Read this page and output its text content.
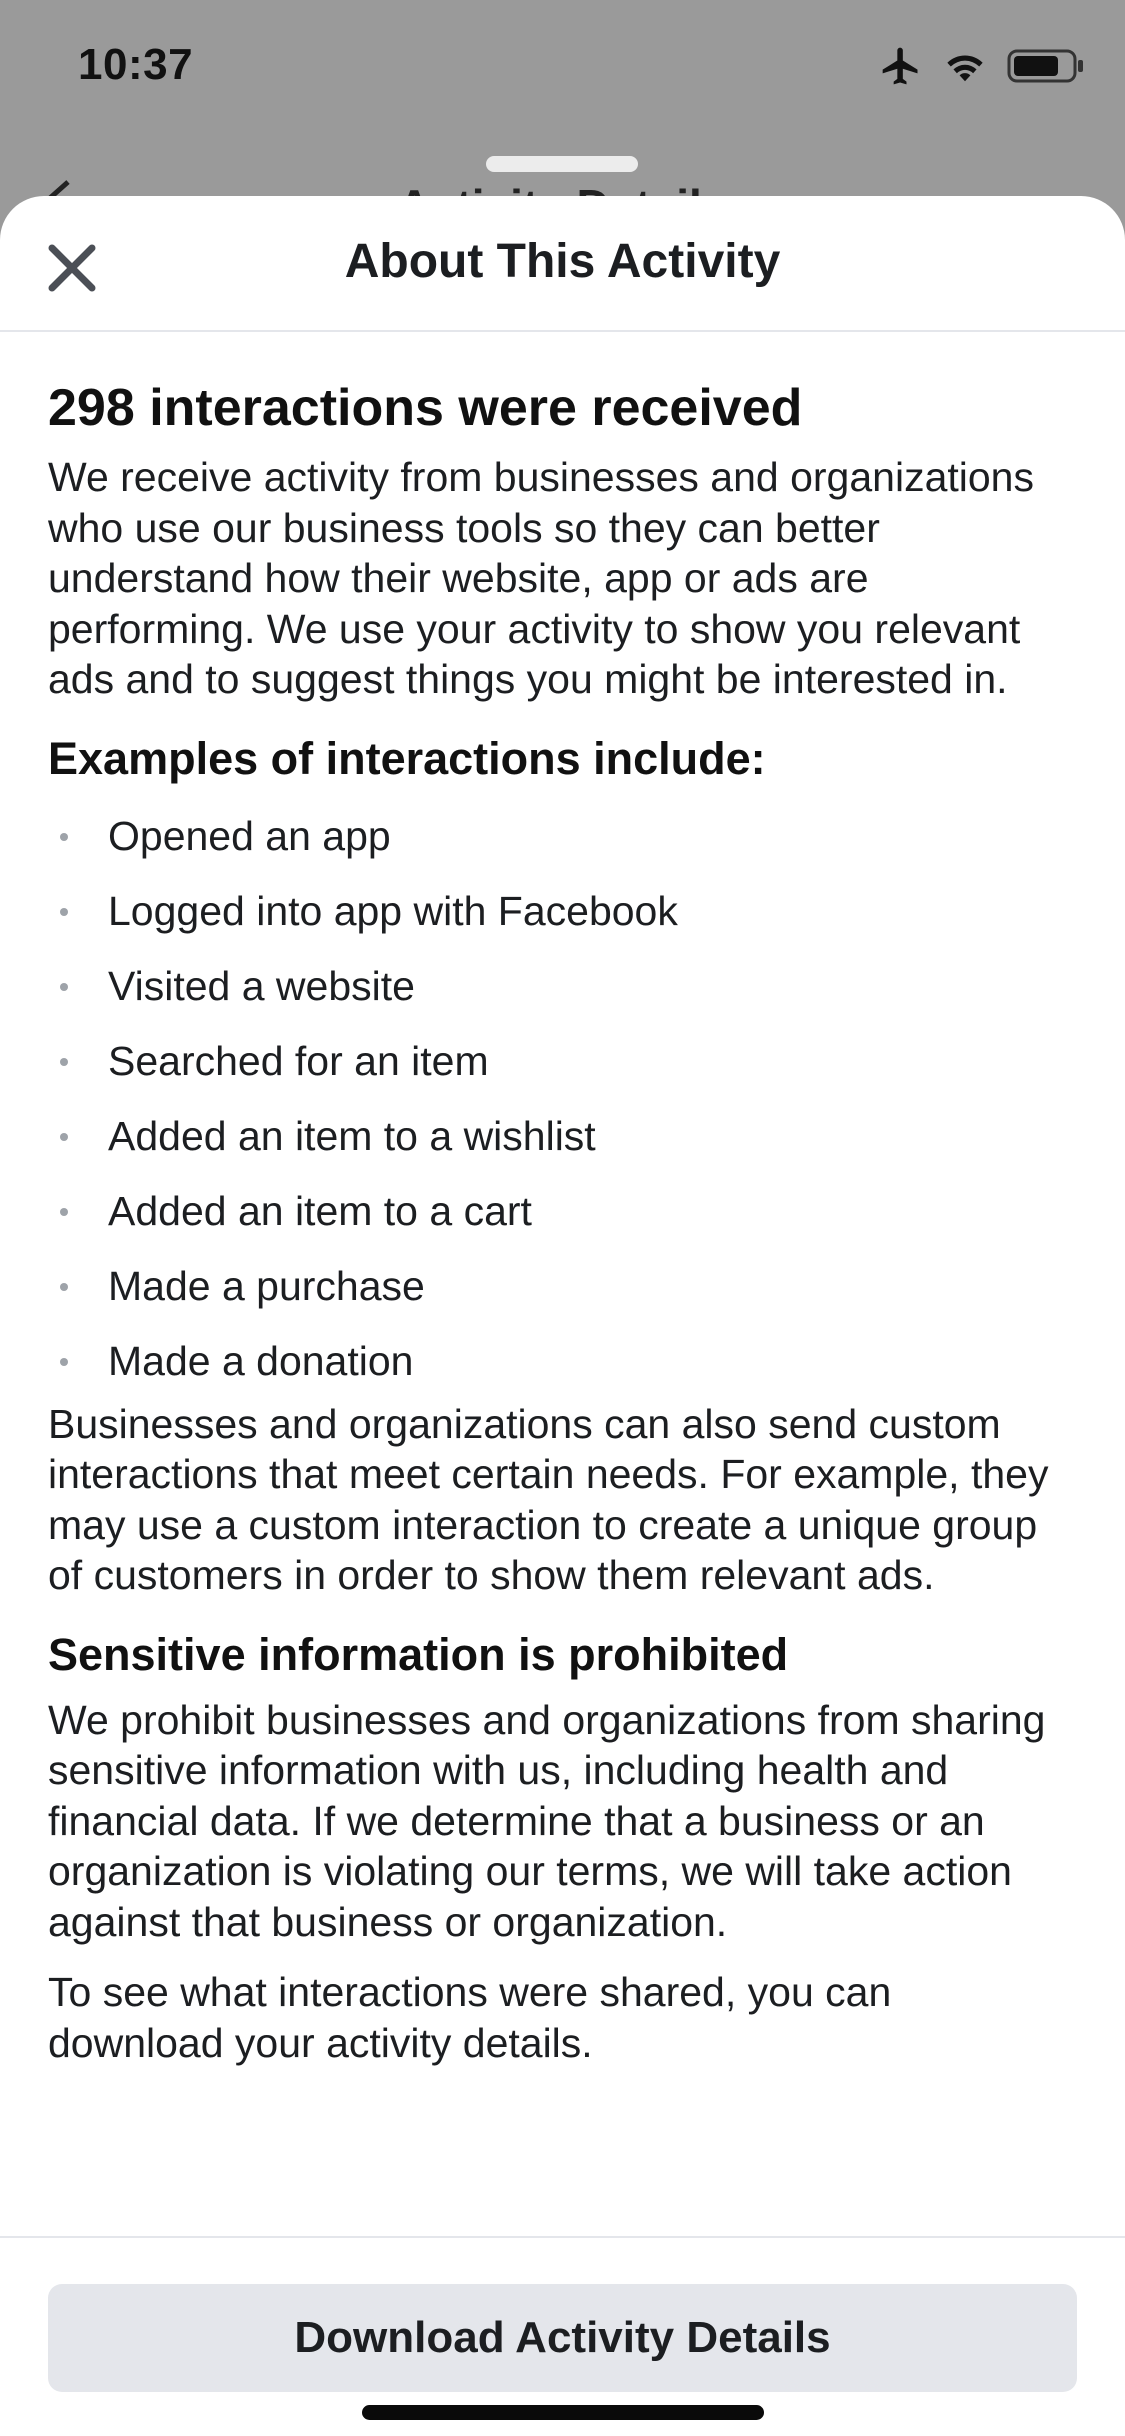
10:37
About This Activity
298 interactions were received

We receive activity from businesses and organizations who use our business tools so they can better understand how their website, app or ads are performing. We use your activity to show you relevant ads and to suggest things you might be interested in.

Examples of interactions include:
Opened an app
Logged into app with Facebook
Visited a website
Searched for an item
Added an item to a wishlist
Added an item to a cart
Made a purchase
Made a donation

Businesses and organizations can also send custom interactions that meet certain needs. For example, they may use a custom interaction to create a unique group of customers in order to show them relevant ads.

Sensitive information is prohibited

We prohibit businesses and organizations from sharing sensitive information with us, including health and financial data. If we determine that a business or an organization is violating our terms, we will take action against that business or organization.

To see what interactions were shared, you can download your activity details.

Download Activity Details
